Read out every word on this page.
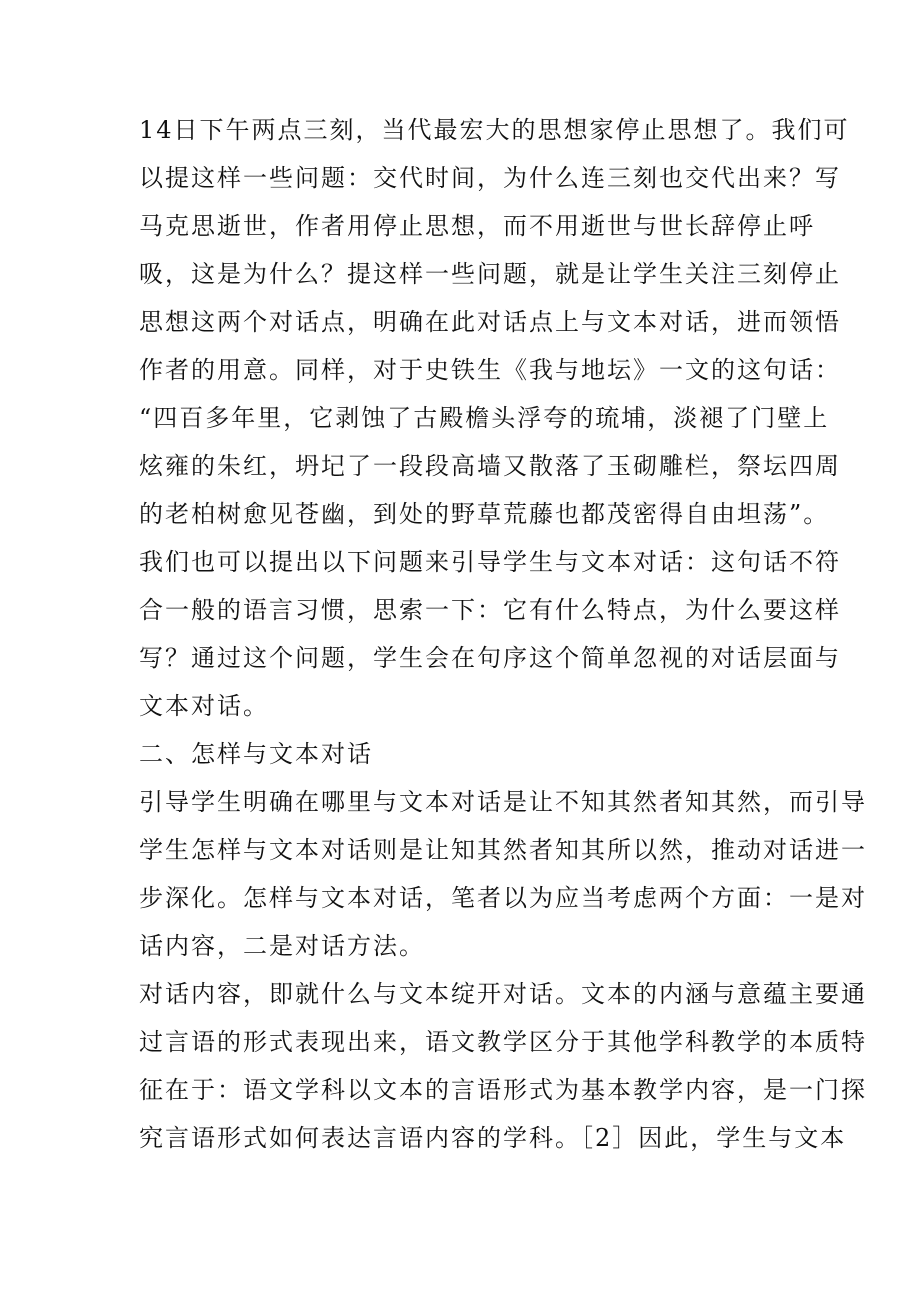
14日下午两点三刻，当代最宏大的思想家停止思想了。我们可
以提这样一些问题：交代时间，为什么连三刻也交代出来？写
马克思逝世，作者用停止思想，而不用逝世与世长辞停止呼
吸，这是为什么？提这样一些问题，就是让学生关注三刻停止
思想这两个对话点，明确在此对话点上与文本对话，进而领悟
作者的用意。同样，对于史铁生《我与地坛》一文的这句话：
“四百多年里，它剥蚀了古殿檐头浮夸的琉埔，淡褪了门壁上
炫雍的朱红，坍圮了一段段高墙又散落了玉砌雕栏，祭坛四周
的老柏树愈见苍幽，到处的野草荒藤也都茂密得自由坦荡”。
我们也可以提出以下问题来引导学生与文本对话：这句话不符
合一般的语言习惯，思索一下：它有什么特点，为什么要这样
写？通过这个问题，学生会在句序这个简单忽视的对话层面与
文本对话。
二、怎样与文本对话
引导学生明确在哪里与文本对话是让不知其然者知其然，而引导
学生怎样与文本对话则是让知其然者知其所以然，推动对话进一
步深化。怎样与文本对话，笔者以为应当考虑两个方面：一是对
话内容，二是对话方法。
对话内容，即就什么与文本绽开对话。文本的内涵与意蕴主要通
过言语的形式表现出来，语文教学区分于其他学科教学的本质特
征在于：语文学科以文本的言语形式为基本教学内容，是一门探
究言语形式如何表达言语内容的学科。［2］因此，学生与文本
